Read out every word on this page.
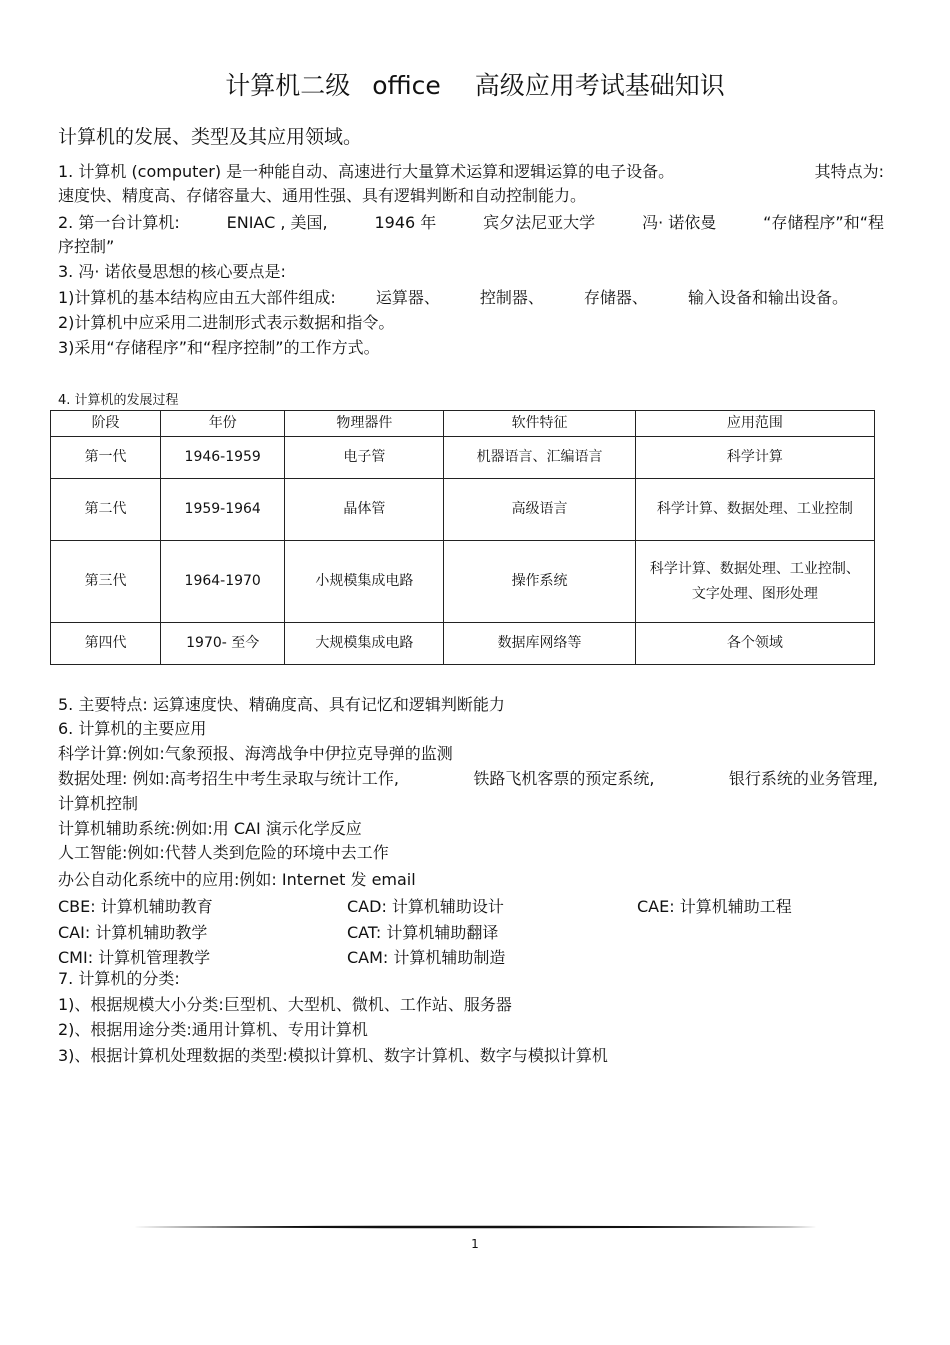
计算机二级 office 高级应用考试基础知识
计算机的发展、类型及其应用领域。
1. 计算机 (computer) 是一种能自动、高速进行大量算术运算和逻辑运算的电子设备。	其特点为:
速度快、精度高、存储容量大、通用性强、具有逻辑判断和自动控制能力。
2. 第一台计算机:	ENIAC , 美国,	1946 年	宾夕法尼亚大学	冯· 诺依曼	“存储程序”和“程
序控制”
3. 冯· 诺依曼思想的核心要点是:
1)计算机的基本结构应由五大部件组成:	运算器、	控制器、	存储器、	输入设备和输出设备。
2)计算机中应采用二进制形式表示数据和指令。
3)采用“存储程序”和“程序控制”的工作方式。
4. 计算机的发展过程
阶段	年份	物理器件	软件特征	应用范围
第一代	1946-1959	电子管	机器语言、汇编语言	科学计算
第二代	1959-1964	晶体管	高级语言	科学计算、数据处理、工业控制
第三代	1964-1970	小规模集成电路	操作系统	科学计算、数据处理、工业控制、文字处理、图形处理
第四代	1970- 至今	大规模集成电路	数据库网络等	各个领域
5. 主要特点: 运算速度快、精确度高、具有记忆和逻辑判断能力
6. 计算机的主要应用
科学计算:例如:气象预报、海湾战争中伊拉克导弹的监测
数据处理: 例如:高考招生中考生录取与统计工作,	铁路飞机客票的预定系统,	银行系统的业务管理,
计算机控制
计算机辅助系统:例如:用 CAI 演示化学反应
人工智能:例如:代替人类到危险的环境中去工作
办公自动化系统中的应用:例如: Internet 发 email
CBE: 计算机辅助教育	CAD: 计算机辅助设计	CAE: 计算机辅助工程
CAI: 计算机辅助教学	CAT: 计算机辅助翻译
CMI: 计算机管理教学	CAM: 计算机辅助制造
7. 计算机的分类:
1)、根据规模大小分类:巨型机、大型机、微机、工作站、服务器
2)、根据用途分类:通用计算机、专用计算机
3)、根据计算机处理数据的类型:模拟计算机、数字计算机、数字与模拟计算机
1
